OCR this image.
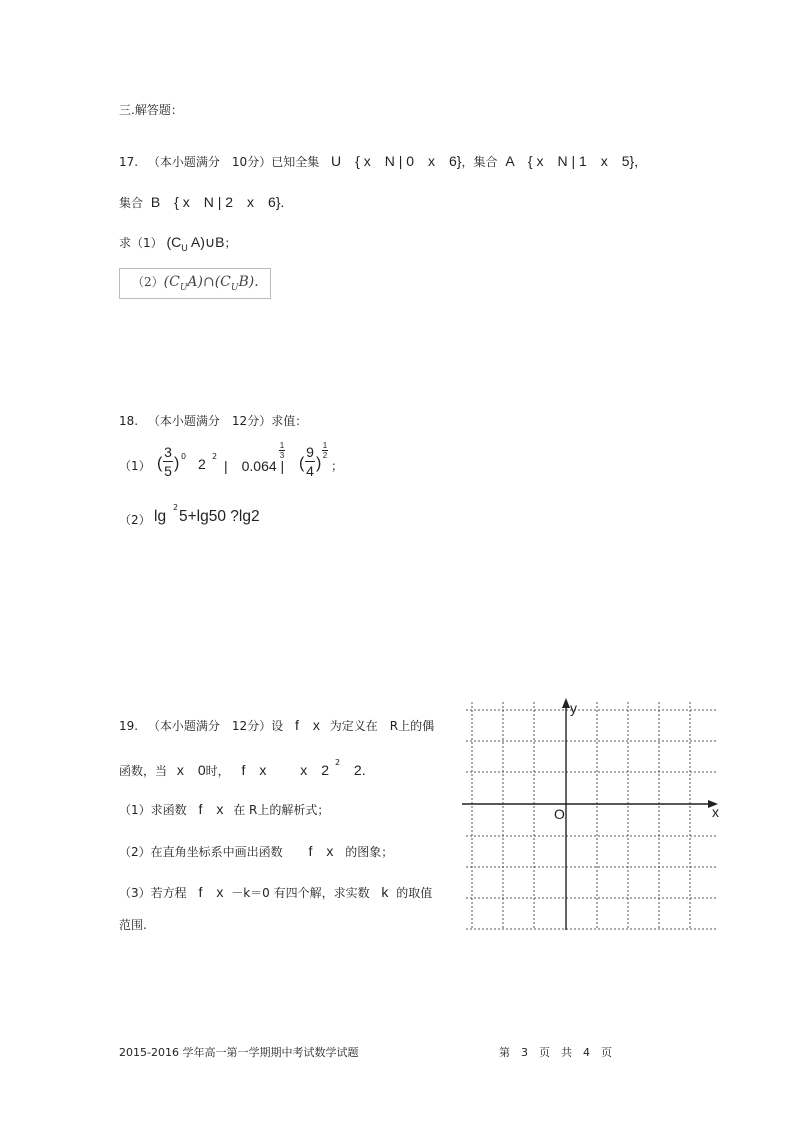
三.解答题：
17. （本小题满分　10分）已知全集 U　{ x　N | 0　x　6}，集合 A　{ x　N | 1　x　5}，
集合 B　{ x　N | 2　x　6}.
求（1） ($C_U$ A)∪B；
$(2)(C_UA)\cap(C_UB)$.
18. （本小题满分　12分）求值：
（1） (
3
5 ) 0 2 2
|　0.064 |
1
3 (
9
4 )
1
2
；
（2） lg
2
5+lg50 ?lg2
19. （本小题满分　12分）设 f　x 为定义在　R上的偶
函数，当 x　0时， f　x x　2 $^2$ 2.
（1）求函数 f　x 在 R上的解析式；
（2）在直角坐标系中画出函数 f　x 的图象；
（3）若方程 f　x －k＝0 有四个解，求实数 k 的取值
范围.
y
x
O
2015-2016 学年高一第一学期期中考试数学试题	第　3　页　共　4　页
